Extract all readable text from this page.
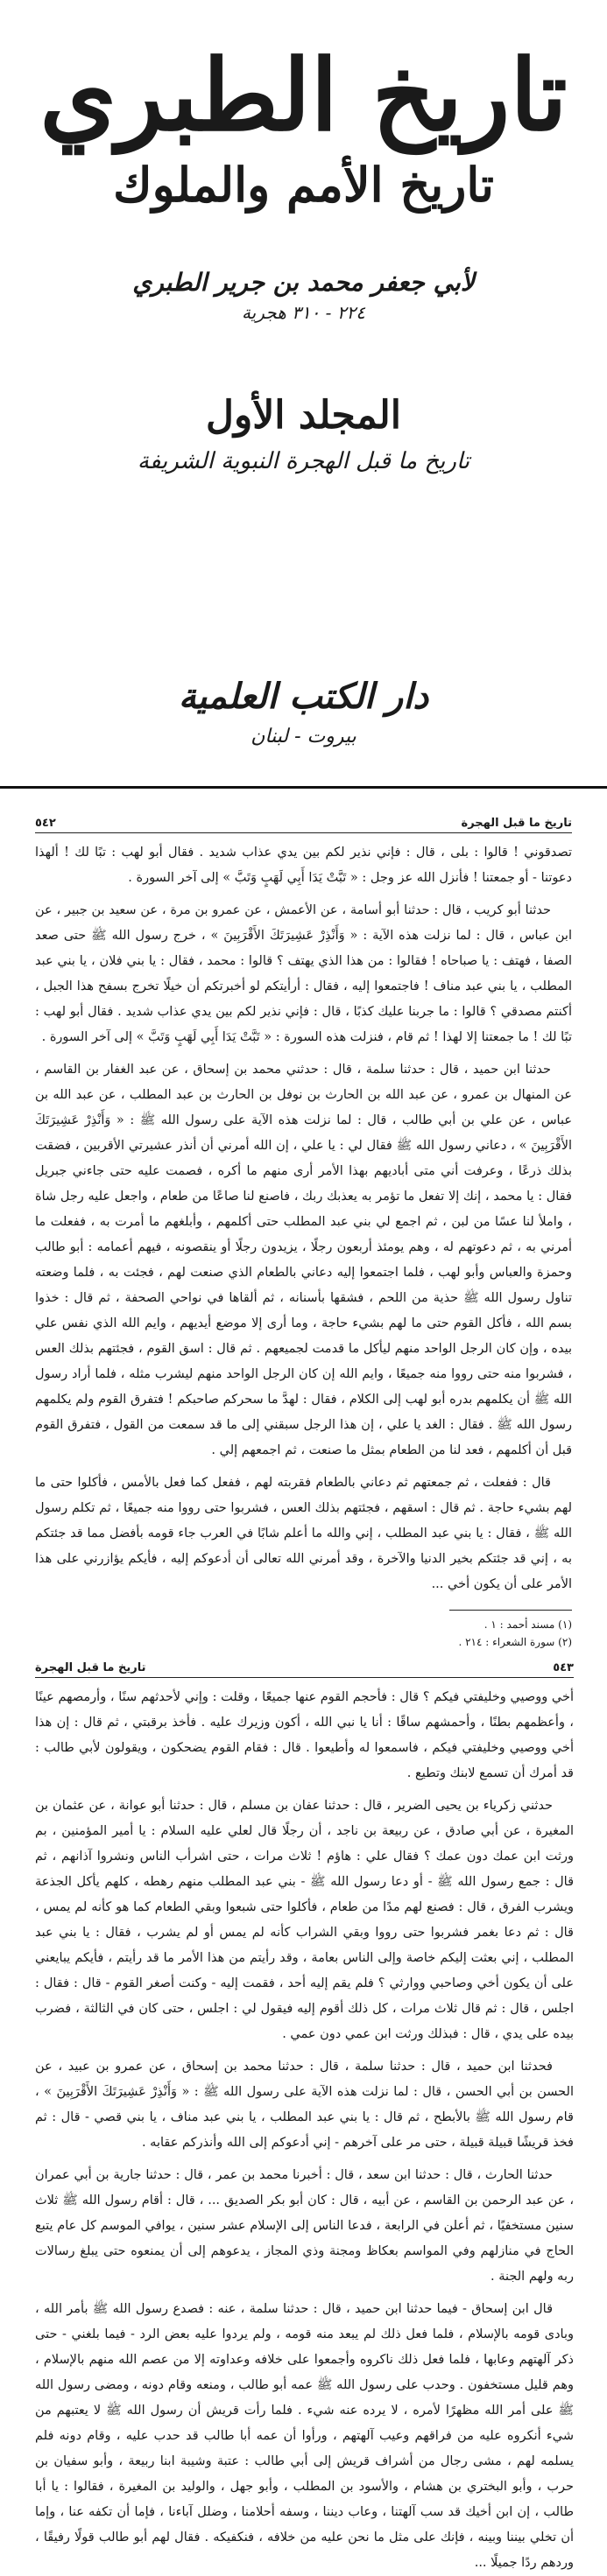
تاريخ الطبري
تاريخ الأمم والملوك
لأبي جعفر محمد بن جرير الطبري
٢٢٤ - ٣١٠ هجرية
المجلد الأول
تاريخ ما قبل الهجرة النبوية الشريفة
دار الكتب العلمية
بيروت - لبنان
تاريخ ما قبل الهجرة
٥٤٢

تصدقوني ! قالوا : بلى ، قال : فإني نذير لكم بين يدي عذاب شديد . فقال أبو لهب : تبًا لك ! ألهذا دعوتنا - أو جمعتنا ! فأنزل الله عز وجل : « تَبَّتْ يَدَا أَبِي لَهَبٍ وَتَبَّ » إلى آخر السورة .

حدثنا أبو كريب ، قال : حدثنا أبو أسامة ، عن الأعمش ، عن عمرو بن مرة ، عن سعيد بن جبير ، عن ابن عباس ، قال : لما نزلت هذه الآية : « وَأَنْذِرْ عَشِيرَتَكَ الأَقْرَبِينَ » ، خرج رسول الله ﷺ حتى صعد الصفا ، فهتف : يا صباحاه ! فقالوا : من هذا الذي يهتف ؟ قالوا : محمد ، فقال : يا بني فلان ، يا بني عبد المطلب ، يا بني عبد مناف ! فاجتمعوا إليه ، فقال : أرأيتكم لو أخبرتكم أن خيلًا تخرج بسفح هذا الجبل ، أكنتم مصدقي ؟ قالوا : ما جربنا عليك كذبًا ، قال : فإني نذير لكم بين يدي عذاب شديد . فقال أبو لهب : تبًا لك ! ما جمعتنا إلا لهذا ! ثم قام ، فنزلت هذه السورة : « تَبَّتْ يَدَا أَبِي لَهَبٍ وَتَبَّ » إلى آخر السورة .

حدثنا ابن حميد ، قال : حدثنا سلمة ، قال : حدثني محمد بن إسحاق ، عن عبد الغفار بن القاسم ، عن المنهال بن عمرو ، عن عبد الله بن الحارث بن نوفل بن الحارث بن عبد المطلب ، عن عبد الله بن عباس ، عن علي بن أبي طالب ، قال : لما نزلت هذه الآية على رسول الله ﷺ : « وَأَنْذِرْ عَشِيرَتَكَ الأَقْرَبِينَ » ، دعاني رسول الله ﷺ فقال لي : يا علي ، إن الله أمرني أن أنذر عشيرتي الأقربين ، فضقت بذلك ذرعًا ، وعرفت أني متى أباديهم بهذا الأمر أرى منهم ما أكره ، فصمت عليه حتى جاءني جبريل فقال : يا محمد ، إنك إلا تفعل ما تؤمر به يعذبك ربك ، فاصنع لنا صاعًا من طعام ، واجعل عليه رجل شاة ، واملأ لنا عسًا من لبن ، ثم اجمع لي بني عبد المطلب حتى أكلمهم ، وأبلغهم ما أمرت به ، ففعلت ما أمرني به ، ثم دعوتهم له ، وهم يومئذ أربعون رجلًا ، يزيدون رجلًا أو ينقصونه ، فيهم أعمامه : أبو طالب وحمزة والعباس وأبو لهب ، فلما اجتمعوا إليه دعاني بالطعام الذي صنعت لهم ، فجئت به ، فلما وضعته تناول رسول الله ﷺ حذية من اللحم ، فشقها بأسنانه ، ثم ألقاها في نواحي الصحفة ، ثم قال : خذوا بسم الله ، فأكل القوم حتى ما لهم بشيء حاجة ، وما أرى إلا موضع أيديهم ، وايم الله الذي نفس علي بيده ، وإن كان الرجل الواحد منهم ليأكل ما قدمت لجميعهم . ثم قال : اسق القوم ، فجئتهم بذلك العس ، فشربوا منه حتى رووا منه جميعًا ، وايم الله إن كان الرجل الواحد منهم ليشرب مثله ، فلما أراد رسول الله ﷺ أن يكلمهم بدره أبو لهب إلى الكلام ، فقال : لهدَّ ما سحركم صاحبكم ! فتفرق القوم ولم يكلمهم رسول الله ﷺ . فقال : الغد يا علي ، إن هذا الرجل سبقني إلى ما قد سمعت من القول ، فتفرق القوم قبل أن أكلمهم ، فعد لنا من الطعام بمثل ما صنعت ، ثم اجمعهم إلي .

قال : ففعلت ، ثم جمعتهم ثم دعاني بالطعام فقربته لهم ، ففعل كما فعل بالأمس ، فأكلوا حتى ما لهم بشيء حاجة . ثم قال : اسقهم ، فجئتهم بذلك العس ، فشربوا حتى رووا منه جميعًا ، ثم تكلم رسول الله ﷺ ، فقال : يا بني عبد المطلب ، إني والله ما أعلم شابًا في العرب جاء قومه بأفضل مما قد جئتكم به ، إني قد جئتكم بخير الدنيا والآخرة ، وقد أمرني الله تعالى أن أدعوكم إليه ، فأيكم يؤازرني على هذا الأمر على أن يكون أخي ...

(١) مسند أحمد : ١ .
(٢) سورة الشعراء : ٢١٤ .
٥٤٣
تاريخ ما قبل الهجرة

أخي ووصيي وخليفتي فيكم ؟ قال : فأحجم القوم عنها جميعًا ، وقلت : وإني لأحدثهم سنًا ، وأرمصهم عينًا ، وأعظمهم بطنًا ، وأحمشهم ساقًا : أنا يا نبي الله ، أكون وزيرك عليه . فأخذ برقبتي ، ثم قال : إن هذا أخي ووصيي وخليفتي فيكم ، فاسمعوا له وأطيعوا . قال : فقام القوم يضحكون ، ويقولون لأبي طالب : قد أمرك أن تسمع لابنك وتطيع .

حدثني زكرياء بن يحيى الضرير ، قال : حدثنا عفان بن مسلم ، قال : حدثنا أبو عوانة ، عن عثمان بن المغيرة ، عن أبي صادق ، عن ربيعة بن ناجد ، أن رجلًا قال لعلي عليه السلام : يا أمير المؤمنين ، بم ورثت ابن عمك دون عمك ؟ فقال علي : هاؤم ! ثلاث مرات ، حتى اشرأب الناس ونشروا آذانهم ، ثم قال : جمع رسول الله ﷺ - أو دعا رسول الله ﷺ - بني عبد المطلب منهم رهطه ، كلهم يأكل الجذعة ويشرب الفرق ، قال : فصنع لهم مدًا من طعام ، فأكلوا حتى شبعوا وبقي الطعام كما هو كأنه لم يمس ، قال : ثم دعا بغمر فشربوا حتى رووا وبقي الشراب كأنه لم يمس أو لم يشرب ، فقال : يا بني عبد المطلب ، إني بعثت إليكم خاصة وإلى الناس بعامة ، وقد رأيتم من هذا الأمر ما قد رأيتم ، فأيكم يبايعني على أن يكون أخي وصاحبي ووارثي ؟ فلم يقم إليه أحد ، فقمت إليه - وكنت أصغر القوم - قال : فقال : اجلس ، قال : ثم قال ثلاث مرات ، كل ذلك أقوم إليه فيقول لي : اجلس ، حتى كان في الثالثة ، فضرب بيده على يدي ، قال : فبذلك ورثت ابن عمي دون عمي .

فحدثنا ابن حميد ، قال : حدثنا سلمة ، قال : حدثنا محمد بن إسحاق ، عن عمرو بن عبيد ، عن الحسن بن أبي الحسن ، قال : لما نزلت هذه الآية على رسول الله ﷺ : « وَأَنْذِرْ عَشِيرَتَكَ الأَقْرَبِينَ » ، قام رسول الله ﷺ بالأبطح ، ثم قال : يا بني عبد المطلب ، يا بني عبد مناف ، يا بني قصي - قال : ثم فخذ قريشًا قبيلة قبيلة ، حتى مر على آخرهم - إني أدعوكم إلى الله وأنذركم عقابه .

حدثنا الحارث ، قال : حدثنا ابن سعد ، قال : أخبرنا محمد بن عمر ، قال : حدثنا جارية بن أبي عمران ، عن عبد الرحمن بن القاسم ، عن أبيه ، قال : كان أبو بكر الصديق ... ، قال : أقام رسول الله ﷺ ثلاث سنين مستخفيًا ، ثم أعلن في الرابعة ، فدعا الناس إلى الإسلام عشر سنين ، يوافي الموسم كل عام يتبع الحاج في منازلهم وفي المواسم بعكاظ ومجنة وذي المجاز ، يدعوهم إلى أن يمنعوه حتى يبلغ رسالات ربه ولهم الجنة .

قال ابن إسحاق - فيما حدثنا ابن حميد ، قال : حدثنا سلمة ، عنه : فصدع رسول الله ﷺ بأمر الله ، وبادى قومه بالإسلام ، فلما فعل ذلك لم يبعد منه قومه ، ولم يردوا عليه بعض الرد - فيما بلغني - حتى ذكر آلهتهم وعابها ، فلما فعل ذلك ناكروه وأجمعوا على خلافه وعداوته إلا من عصم الله منهم بالإسلام ، وهم قليل مستخفون . وحدب على رسول الله ﷺ عمه أبو طالب ، ومنعه وقام دونه ، ومضى رسول الله ﷺ على أمر الله مظهرًا لأمره ، لا يرده عنه شيء . فلما رأت قريش أن رسول الله ﷺ لا يعتبهم من شيء أنكروه عليه من فراقهم وعيب آلهتهم ، ورأوا أن عمه أبا طالب قد حدب عليه ، وقام دونه فلم يسلمه لهم ، مشى رجال من أشراف قريش إلى أبي طالب : عتبة وشيبة ابنا ربيعة ، وأبو سفيان بن حرب ، وأبو البختري بن هشام ، والأسود بن المطلب ، وأبو جهل ، والوليد بن المغيرة ، فقالوا : يا أبا طالب ، إن ابن أخيك قد سب آلهتنا ، وعاب ديننا ، وسفه أحلامنا ، وضلل آباءنا ، فإما أن تكفه عنا ، وإما أن تخلي بيننا وبينه ، فإنك على مثل ما نحن عليه من خلافه ، فنكفيكه . فقال لهم أبو طالب قولًا رفيقًا ، وردهم ردًا جميلًا ...
